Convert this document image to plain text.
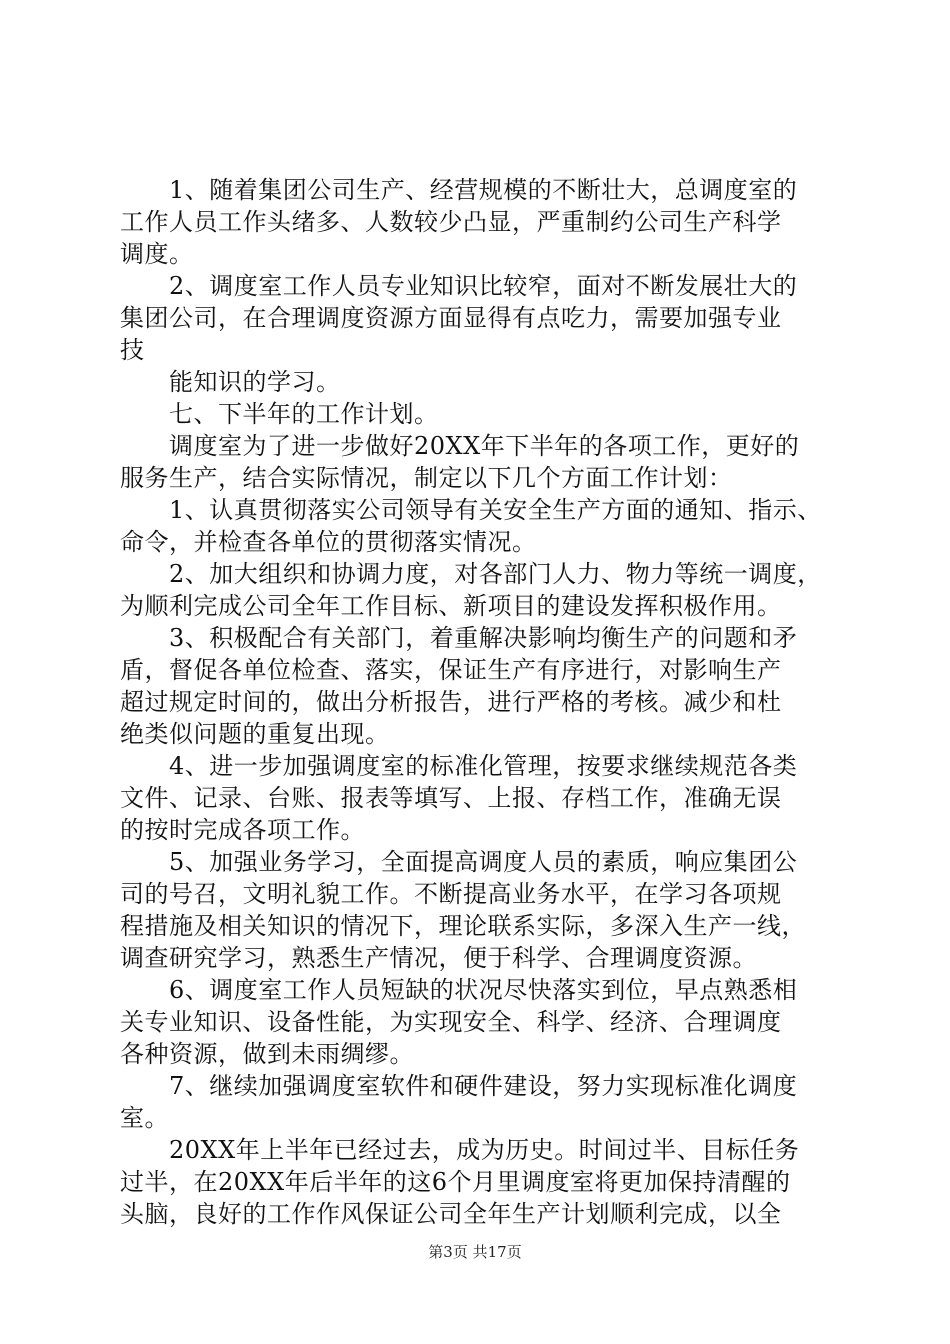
　　1、随着集团公司生产、经营规模的不断壮大，总调度室的
工作人员工作头绪多、人数较少凸显，严重制约公司生产科学
调度。
　　2、调度室工作人员专业知识比较窄，面对不断发展壮大的
集团公司，在合理调度资源方面显得有点吃力，需要加强专业
技
　　能知识的学习。
　　七、下半年的工作计划。
　　调度室为了进一步做好20XX年下半年的各项工作，更好的
服务生产，结合实际情况，制定以下几个方面工作计划：
　　1、认真贯彻落实公司领导有关安全生产方面的通知、指示、
命令，并检查各单位的贯彻落实情况。
　　2、加大组织和协调力度，对各部门人力、物力等统一调度，
为顺利完成公司全年工作目标、新项目的建设发挥积极作用。
　　3、积极配合有关部门，着重解决影响均衡生产的问题和矛
盾，督促各单位检查、落实，保证生产有序进行，对影响生产
超过规定时间的，做出分析报告，进行严格的考核。减少和杜
绝类似问题的重复出现。
　　4、进一步加强调度室的标准化管理，按要求继续规范各类
文件、记录、台账、报表等填写、上报、存档工作，准确无误
的按时完成各项工作。
　　5、加强业务学习，全面提高调度人员的素质，响应集团公
司的号召，文明礼貌工作。不断提高业务水平，在学习各项规
程措施及相关知识的情况下，理论联系实际，多深入生产一线，
调查研究学习，熟悉生产情况，便于科学、合理调度资源。
　　6、调度室工作人员短缺的状况尽快落实到位，早点熟悉相
关专业知识、设备性能，为实现安全、科学、经济、合理调度
各种资源，做到未雨绸缪。
　　7、继续加强调度室软件和硬件建设，努力实现标准化调度
室。
　　20XX年上半年已经过去，成为历史。时间过半、目标任务
过半，在20XX年后半年的这6个月里调度室将更加保持清醒的
头脑，良好的工作作风保证公司全年生产计划顺利完成，以全
第3页 共17页
